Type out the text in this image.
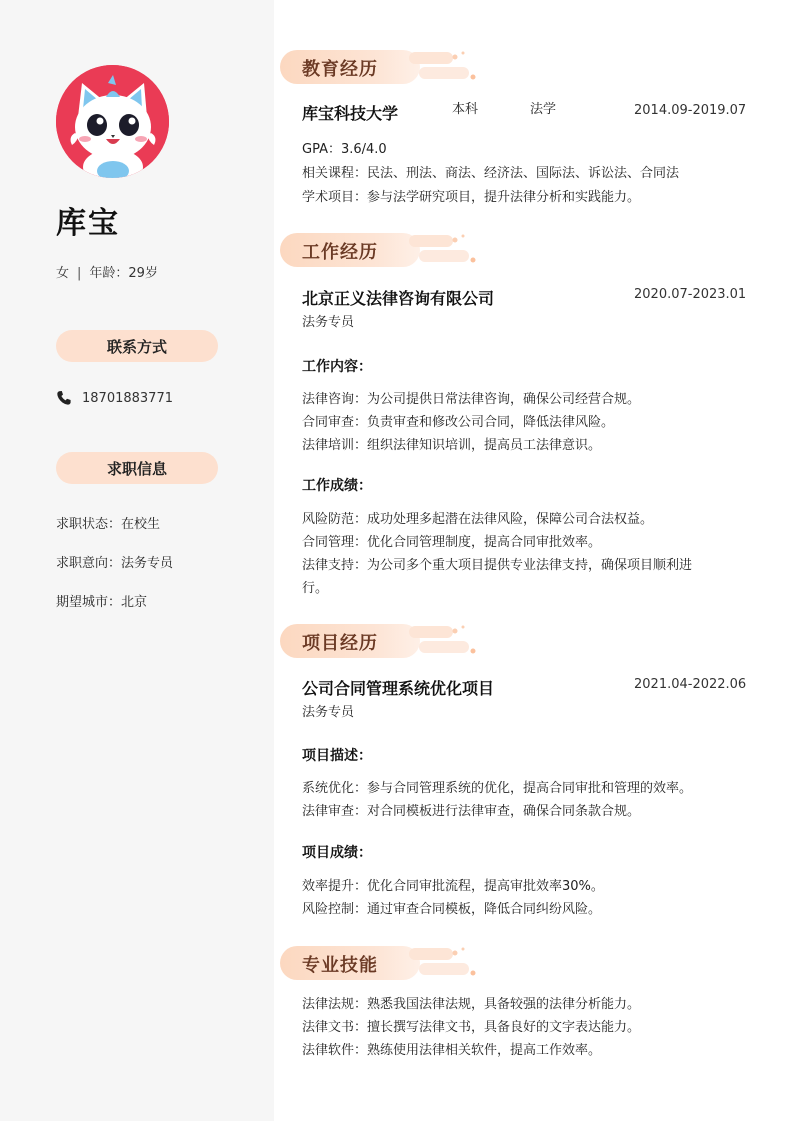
库宝
女 | 年龄：29岁
联系方式
18701883771
求职信息
求职状态：在校生
求职意向：法务专员
期望城市：北京
教育经历
库宝科技大学	本科	法学	2014.09-2019.07
GPA：3.6/4.0
相关课程：民法、刑法、商法、经济法、国际法、诉讼法、合同法
学术项目：参与法学研究项目，提升法律分析和实践能力。
工作经历
北京正义法律咨询有限公司	2020.07-2023.01
法务专员
工作内容：
法律咨询：为公司提供日常法律咨询，确保公司经营合规。
合同审查：负责审查和修改公司合同，降低法律风险。
法律培训：组织法律知识培训，提高员工法律意识。
工作成绩：
风险防范：成功处理多起潜在法律风险，保障公司合法权益。
合同管理：优化合同管理制度，提高合同审批效率。
法律支持：为公司多个重大项目提供专业法律支持，确保项目顺利进
行。
项目经历
公司合同管理系统优化项目	2021.04-2022.06
法务专员
项目描述：
系统优化：参与合同管理系统的优化，提高合同审批和管理的效率。
法律审查：对合同模板进行法律审查，确保合同条款合规。
项目成绩：
效率提升：优化合同审批流程，提高审批效率30%。
风险控制：通过审查合同模板，降低合同纠纷风险。
专业技能
法律法规：熟悉我国法律法规，具备较强的法律分析能力。
法律文书：擅长撰写法律文书，具备良好的文字表达能力。
法律软件：熟练使用法律相关软件，提高工作效率。
